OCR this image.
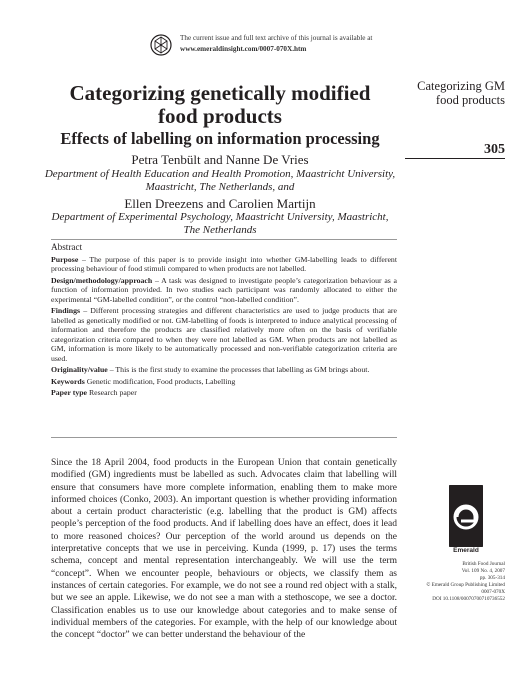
The current issue and full text archive of this journal is available at
www.emeraldinsight.com/0007-070X.htm
Categorizing GM
food products
305
Categorizing genetically modified
food products
Effects of labelling on information processing
Petra Tenbült and Nanne De Vries
Department of Health Education and Health Promotion, Maastricht University,
Maastricht, The Netherlands, and
Ellen Dreezens and Carolien Martijn
Department of Experimental Psychology, Maastricht University, Maastricht,
The Netherlands
Abstract

Purpose – The purpose of this paper is to provide insight into whether GM-labelling leads to different processing behaviour of food stimuli compared to when products are not labelled.

Design/methodology/approach – A task was designed to investigate people’s categorization behaviour as a function of information provided. In two studies each participant was randomly allocated to either the experimental “GM-labelled condition”, or the control “non-labelled condition”.

Findings – Different processing strategies and different characteristics are used to judge products that are labelled as genetically modified or not. GM-labelling of foods is interpreted to induce analytical processing of information and therefore the products are classified relatively more often on the basis of verifiable categorization criteria compared to when they were not labelled as GM. When products are not labelled as GM, information is more likely to be automatically processed and non-verifiable categorization criteria are used.

Originality/value – This is the first study to examine the processes that labelling as GM brings about.

Keywords Genetic modification, Food products, Labelling

Paper type Research paper

Since the 18 April 2004, food products in the European Union that contain genetically modified (GM) ingredients must be labelled as such. Advocates claim that labelling will ensure that consumers have more complete information, enabling them to make more informed choices (Conko, 2003). An important question is whether providing information about a certain product characteristic (e.g. labelling that the product is GM) affects people’s perception of the food products. And if labelling does have an effect, does it lead to more reasoned choices? Our perception of the world around us depends on the interpretative concepts that we use in perceiving. Kunda (1999, p. 17) uses the terms schema, concept and mental representation interchangeably. We will use the term “concept”. When we encounter people, behaviours or objects, we classify them as instances of certain categories. For example, we do not see a round red object with a stalk, but we see an apple. Likewise, we do not see a man with a stethoscope, we see a doctor. Classification enables us to use our knowledge about categories and to make sense of individual members of the categories. For example, with the help of our knowledge about the concept “doctor” we can better understand the behaviour of the
Emerald
British Food Journal
Vol. 109 No. 4, 2007
pp. 305-314
© Emerald Group Publishing Limited
0007-070X
DOI 10.1108/00070700710736552
